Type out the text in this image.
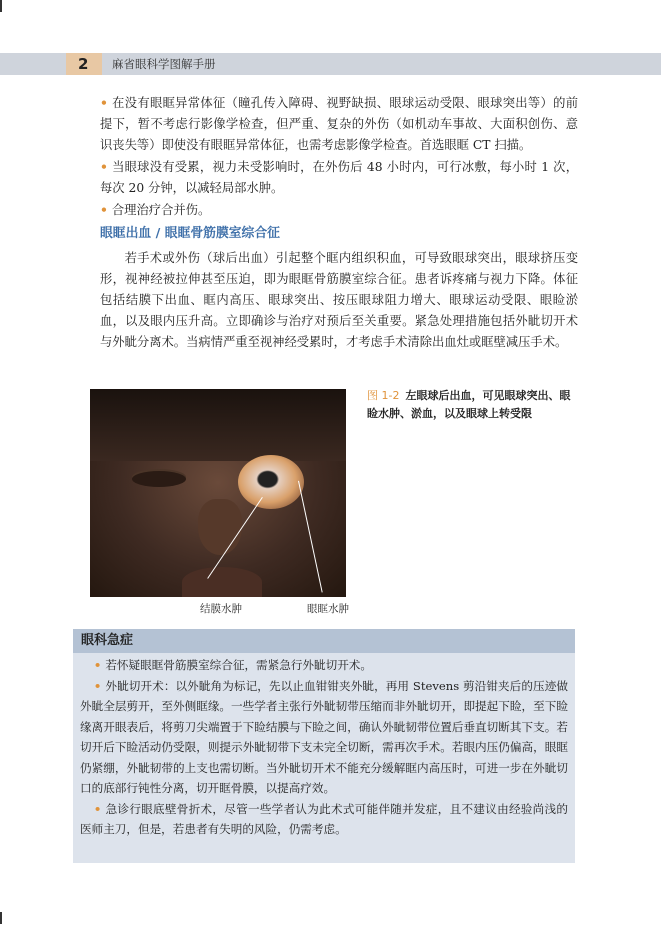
2 麻省眼科学图解手册

• 在没有眼眶异常体征（瞳孔传入障碍、视野缺损、眼球运动受限、眼球突出等）的前提下，暂不考虑行影像学检查，但严重、复杂的外伤（如机动车事故、大面积创伤、意识丧失等）即使没有眼眶异常体征，也需考虑影像学检查。首选眼眶 CT 扫描。

• 当眼球没有受累，视力未受影响时，在外伤后 48 小时内，可行冰敷，每小时 1 次，每次 20 分钟，以减轻局部水肿。

• 合理治疗合并伤。

眼眶出血 / 眼眶骨筋膜室综合征

若手术或外伤（球后出血）引起整个眶内组织积血，可导致眼球突出，眼球挤压变形，视神经被拉伸甚至压迫，即为眼眶骨筋膜室综合征。患者诉疼痛与视力下降。体征包括结膜下出血、眶内高压、眼球突出、按压眼球阻力增大、眼球运动受限、眼睑淤血，以及眼内压升高。立即确诊与治疗对预后至关重要。紧急处理措施包括外眦切开术与外眦分离术。当病情严重至视神经受累时，才考虑手术清除出血灶或眶壁减压手术。

结膜水肿	眼眶水肿
图 1-2 左眼球后出血，可见眼球突出、眼睑水肿、淤血，以及眼球上转受限
眼科急症

• 若怀疑眼眶骨筋膜室综合征，需紧急行外眦切开术。

• 外眦切开术：以外眦角为标记，先以止血钳钳夹外眦，再用 Stevens 剪沿钳夹后的压迹做外眦全层剪开，至外侧眶缘。一些学者主张行外眦韧带压缩而非外眦切开，即提起下睑，至下睑缘离开眼表后，将剪刀尖端置于下睑结膜与下睑之间，确认外眦韧带位置后垂直切断其下支。若切开后下睑活动仍受限，则提示外眦韧带下支未完全切断，需再次手术。若眼内压仍偏高，眼眶仍紧绷，外眦韧带的上支也需切断。当外眦切开术不能充分缓解眶内高压时，可进一步在外眦切口的底部行钝性分离，切开眶骨膜，以提高疗效。

• 急诊行眼底壁骨折术，尽管一些学者认为此术式可能伴随并发症，且不建议由经验尚浅的医师主刀，但是，若患者有失明的风险，仍需考虑。
